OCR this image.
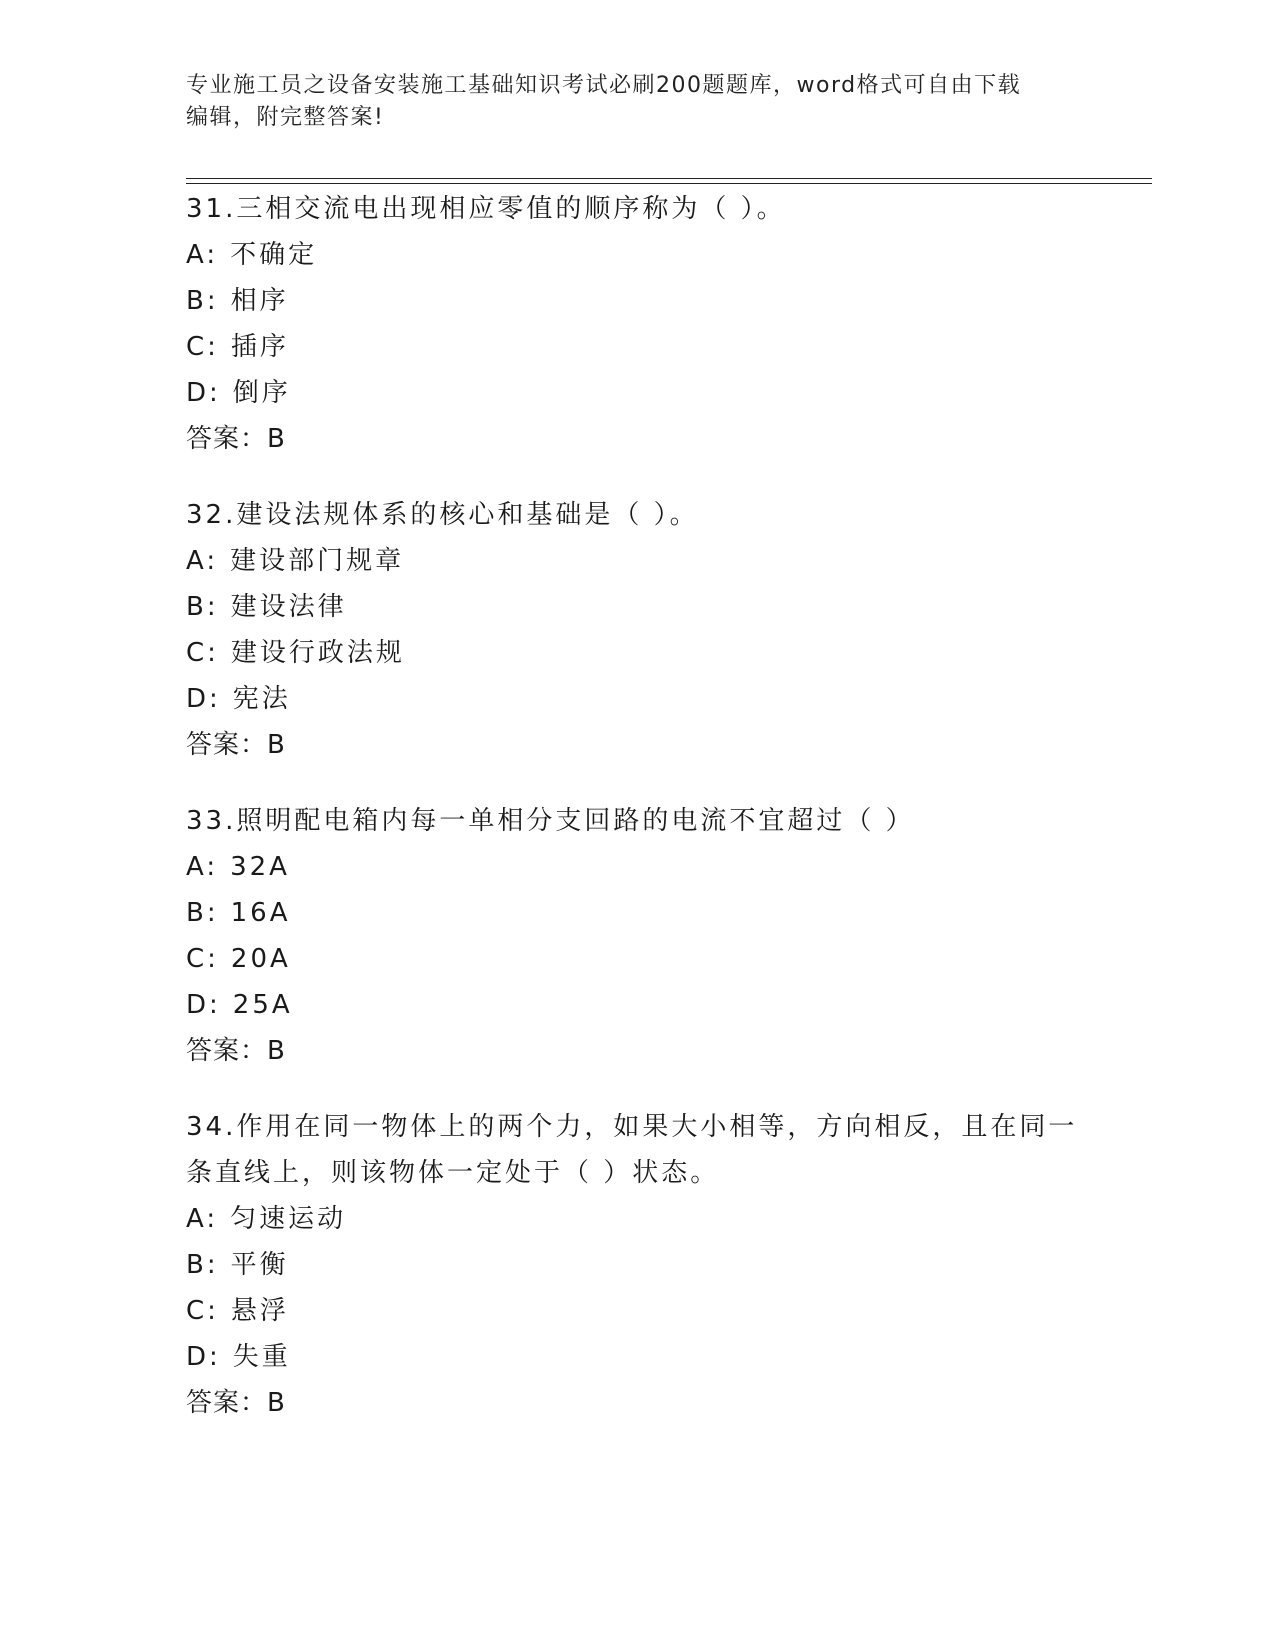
专业施工员之设备安装施工基础知识考试必刷200题题库，word格式可自由下载
编辑，附完整答案!
31.三相交流电出现相应零值的顺序称为（ ）。
A: 不确定
B: 相序
C: 插序
D: 倒序
答案：B
32.建设法规体系的核心和基础是（ ）。
A: 建设部门规章
B: 建设法律
C: 建设行政法规
D: 宪法
答案：B
33.照明配电箱内每一单相分支回路的电流不宜超过（ ）
A: 32A
B: 16A
C: 20A
D: 25A
答案：B
34.作用在同一物体上的两个力，如果大小相等，方向相反，且在同一
条直线上，则该物体一定处于（ ）状态。
A: 匀速运动
B: 平衡
C: 悬浮
D: 失重
答案：B
